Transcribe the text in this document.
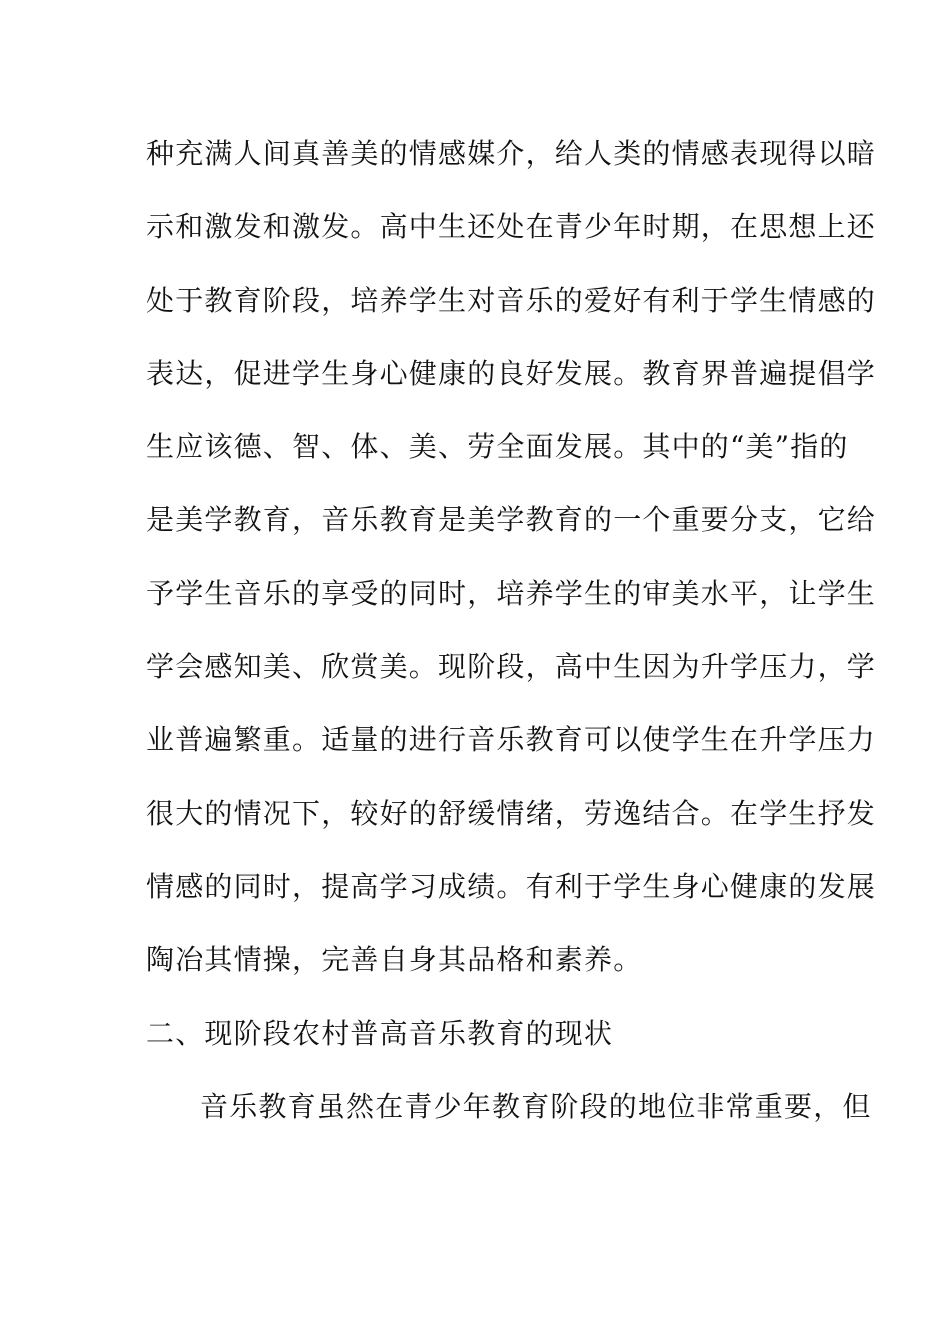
种充满人间真善美的情感媒介，给人类的情感表现得以暗
示和激发和激发。高中生还处在青少年时期，在思想上还
处于教育阶段，培养学生对音乐的爱好有利于学生情感的
表达，促进学生身心健康的良好发展。教育界普遍提倡学
生应该德、智、体、美、劳全面发展。其中的“美”指的
是美学教育，音乐教育是美学教育的一个重要分支，它给
予学生音乐的享受的同时，培养学生的审美水平，让学生
学会感知美、欣赏美。现阶段，高中生因为升学压力，学
业普遍繁重。适量的进行音乐教育可以使学生在升学压力
很大的情况下，较好的舒缓情绪，劳逸结合。在学生抒发
情感的同时，提高学习成绩。有利于学生身心健康的发展
陶冶其情操，完善自身其品格和素养。
二、现阶段农村普高音乐教育的现状
音乐教育虽然在青少年教育阶段的地位非常重要，但
